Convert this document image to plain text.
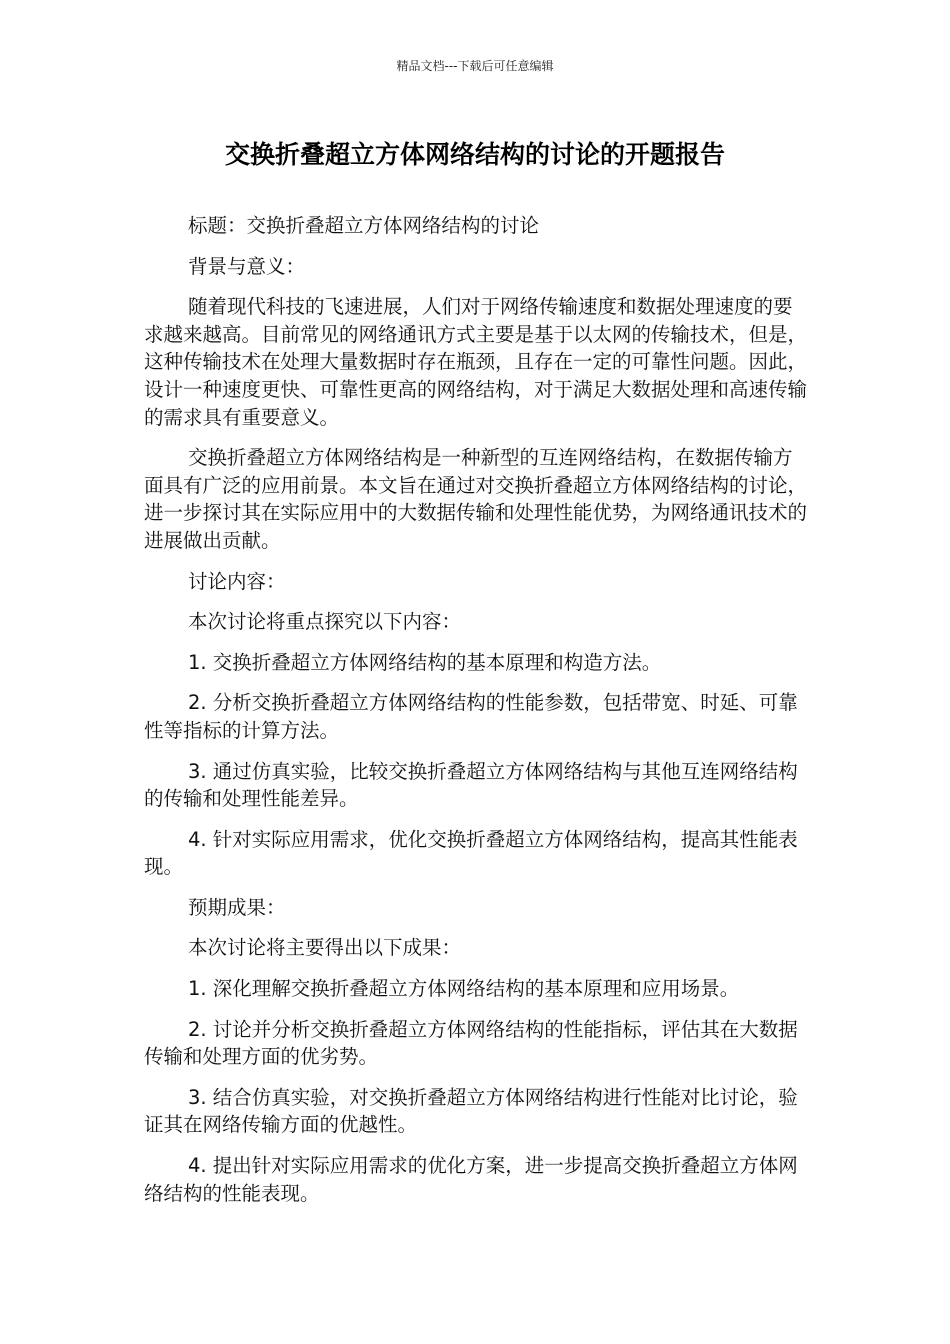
精品文档---下载后可任意编辑
交换折叠超立方体网络结构的讨论的开题报告

标题：交换折叠超立方体网络结构的讨论

背景与意义：

随着现代科技的飞速进展，人们对于网络传输速度和数据处理速度的要求越来越高。目前常见的网络通讯方式主要是基于以太网的传输技术，但是，这种传输技术在处理大量数据时存在瓶颈，且存在一定的可靠性问题。因此，设计一种速度更快、可靠性更高的网络结构，对于满足大数据处理和高速传输的需求具有重要意义。

交换折叠超立方体网络结构是一种新型的互连网络结构，在数据传输方面具有广泛的应用前景。本文旨在通过对交换折叠超立方体网络结构的讨论，进一步探讨其在实际应用中的大数据传输和处理性能优势，为网络通讯技术的进展做出贡献。

讨论内容：

本次讨论将重点探究以下内容：

1. 交换折叠超立方体网络结构的基本原理和构造方法。

2. 分析交换折叠超立方体网络结构的性能参数，包括带宽、时延、可靠性等指标的计算方法。

3. 通过仿真实验，比较交换折叠超立方体网络结构与其他互连网络结构的传输和处理性能差异。

4. 针对实际应用需求，优化交换折叠超立方体网络结构，提高其性能表现。

预期成果：

本次讨论将主要得出以下成果：

1. 深化理解交换折叠超立方体网络结构的基本原理和应用场景。

2. 讨论并分析交换折叠超立方体网络结构的性能指标，评估其在大数据传输和处理方面的优劣势。

3. 结合仿真实验，对交换折叠超立方体网络结构进行性能对比讨论，验证其在网络传输方面的优越性。

4. 提出针对实际应用需求的优化方案，进一步提高交换折叠超立方体网络结构的性能表现。
